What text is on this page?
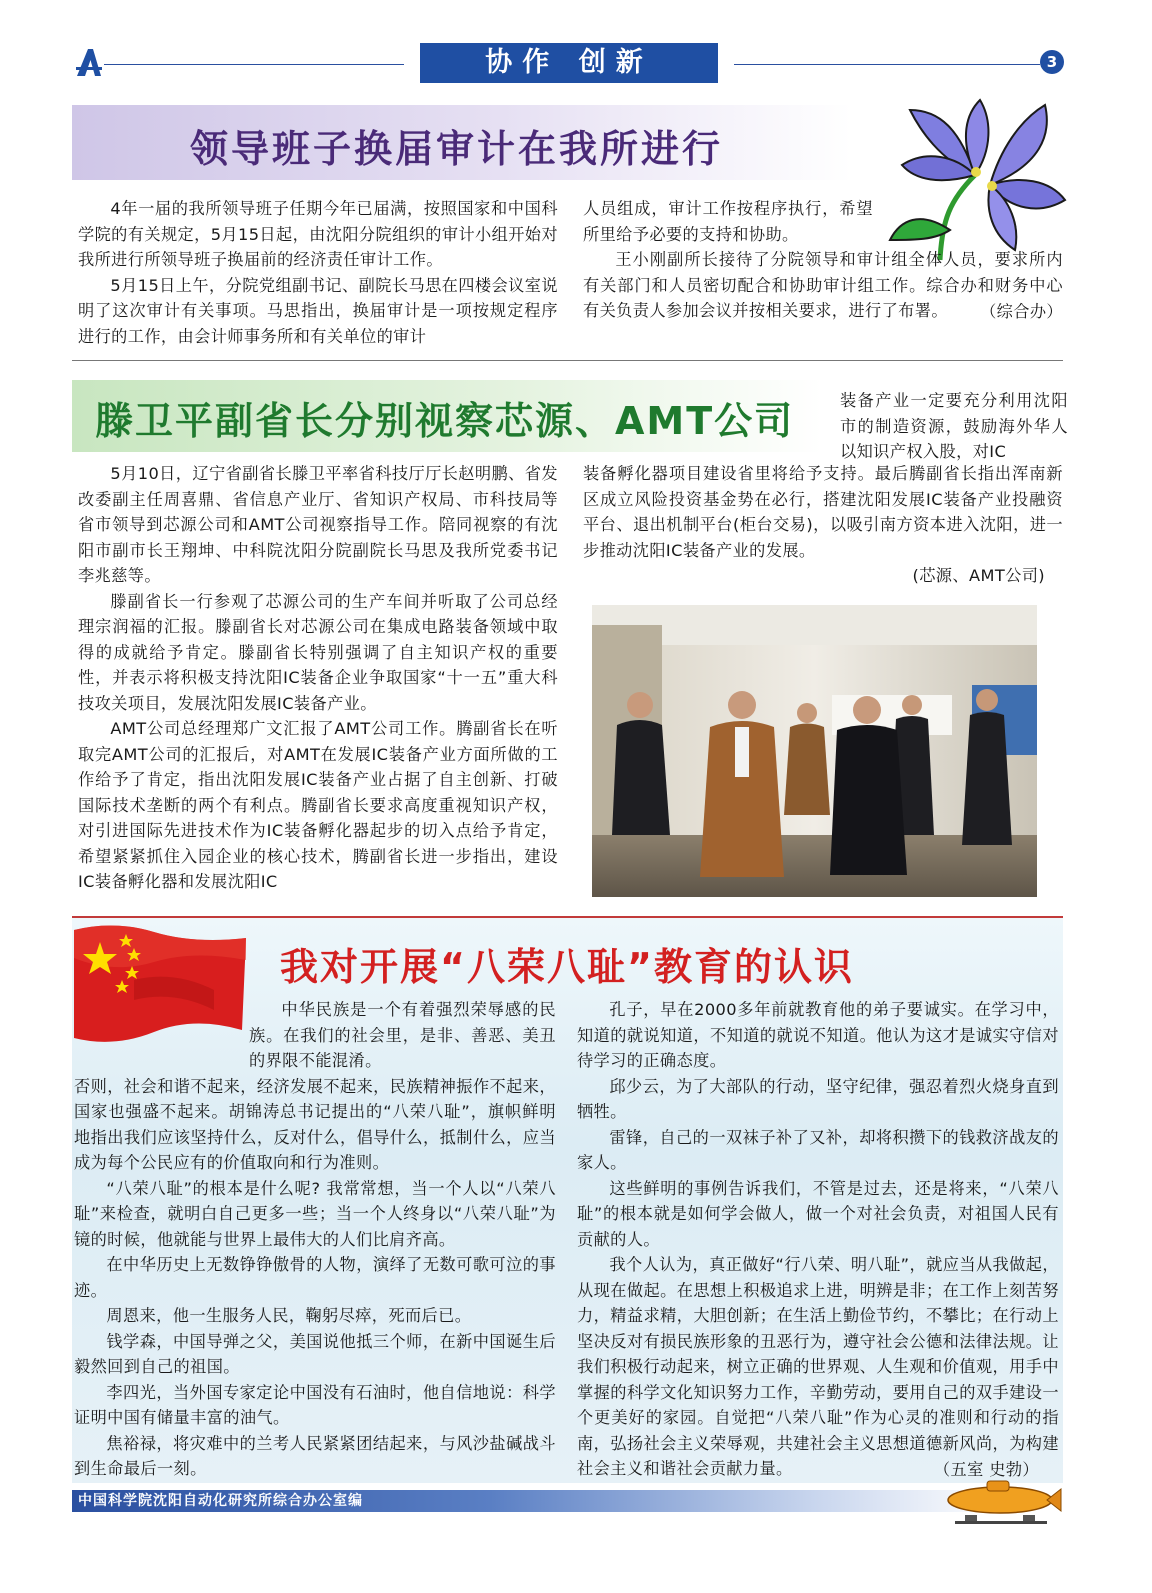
协作 创新	3
领导班子换届审计在我所进行

4年一届的我所领导班子任期今年已届满，按照国家和中国科学院的有关规定，5月15日起，由沈阳分院组织的审计小组开始对我所进行所领导班子换届前的经济责任审计工作。

5月15日上午，分院党组副书记、副院长马思在四楼会议室说明了这次审计有关事项。马思指出，换届审计是一项按规定程序进行的工作，由会计师事务所和有关单位的审计

人员组成，审计工作按程序执行，希望所里给予必要的支持和协助。

王小刚副所长接待了分院领导和审计组全体人员，要求所内有关部门和人员密切配合和协助审计组工作。综合办和财务中心有关负责人参加会议并按相关要求，进行了布署。	（综合办）
滕卫平副省长分别视察芯源、AMT公司	装备产业一定要充分利用沈阳市的制造资源，鼓励海外华人以知识产权入股，对IC

5月10日，辽宁省副省长滕卫平率省科技厅厅长赵明鹏、省发改委副主任周喜鼎、省信息产业厅、省知识产权局、市科技局等省市领导到芯源公司和AMT公司视察指导工作。陪同视察的有沈阳市副市长王翔坤、中科院沈阳分院副院长马思及我所党委书记李兆慈等。

滕副省长一行参观了芯源公司的生产车间并听取了公司总经理宗润福的汇报。滕副省长对芯源公司在集成电路装备领域中取得的成就给予肯定。滕副省长特别强调了自主知识产权的重要性，并表示将积极支持沈阳IC装备企业争取国家“十一五”重大科技攻关项目，发展沈阳发展IC装备产业。

AMT公司总经理郑广文汇报了AMT公司工作。腾副省长在听取完AMT公司的汇报后，对AMT在发展IC装备产业方面所做的工作给予了肯定，指出沈阳发展IC装备产业占据了自主创新、打破国际技术垄断的两个有利点。腾副省长要求高度重视知识产权，对引进国际先进技术作为IC装备孵化器起步的切入点给予肯定，希望紧紧抓住入园企业的核心技术，腾副省长进一步指出，建设IC装备孵化器和发展沈阳IC

装备孵化器项目建设省里将给予支持。最后腾副省长指出浑南新区成立风险投资基金势在必行，搭建沈阳发展IC装备产业投融资平台、退出机制平台(柜台交易)，以吸引南方资本进入沈阳，进一步推动沈阳IC装备产业的发展。

(芯源、AMT公司)
我对开展“八荣八耻”教育的认识

中华民族是一个有着强烈荣辱感的民族。在我们的社会里，是非、善恶、美丑的界限不能混淆。

否则，社会和谐不起来，经济发展不起来，民族精神振作不起来，国家也强盛不起来。胡锦涛总书记提出的“八荣八耻”，旗帜鲜明地指出我们应该坚持什么，反对什么，倡导什么，抵制什么，应当成为每个公民应有的价值取向和行为准则。

“八荣八耻”的根本是什么呢? 我常常想，当一个人以“八荣八耻”来检查，就明白自己更多一些；当一个人终身以“八荣八耻”为镜的时候，他就能与世界上最伟大的人们比肩齐高。

在中华历史上无数铮铮傲骨的人物，演绎了无数可歌可泣的事迹。

周恩来，他一生服务人民，鞠躬尽瘁，死而后已。

钱学森，中国导弹之父，美国说他抵三个师，在新中国诞生后毅然回到自己的祖国。

李四光，当外国专家定论中国没有石油时，他自信地说：科学证明中国有储量丰富的油气。

焦裕禄，将灾难中的兰考人民紧紧团结起来，与风沙盐碱战斗到生命最后一刻。

孔子，早在2000多年前就教育他的弟子要诚实。在学习中，知道的就说知道，不知道的就说不知道。他认为这才是诚实守信对待学习的正确态度。

邱少云，为了大部队的行动，坚守纪律，强忍着烈火烧身直到牺牲。

雷锋，自己的一双袜子补了又补，却将积攒下的钱救济战友的家人。

这些鲜明的事例告诉我们，不管是过去，还是将来，“八荣八耻”的根本就是如何学会做人，做一个对社会负责，对祖国人民有贡献的人。

我个人认为，真正做好“行八荣、明八耻”，就应当从我做起，从现在做起。在思想上积极追求上进，明辨是非；在工作上刻苦努力，精益求精，大胆创新；在生活上勤俭节约，不攀比；在行动上坚决反对有损民族形象的丑恶行为，遵守社会公德和法律法规。让我们积极行动起来，树立正确的世界观、人生观和价值观，用手中掌握的科学文化知识努力工作，辛勤劳动，要用自己的双手建设一个更美好的家园。自觉把“八荣八耻”作为心灵的准则和行动的指南，弘扬社会主义荣辱观，共建社会主义思想道德新风尚，为构建社会主义和谐社会贡献力量。	（五室 史勃）
中国科学院沈阳自动化研究所综合办公室编
